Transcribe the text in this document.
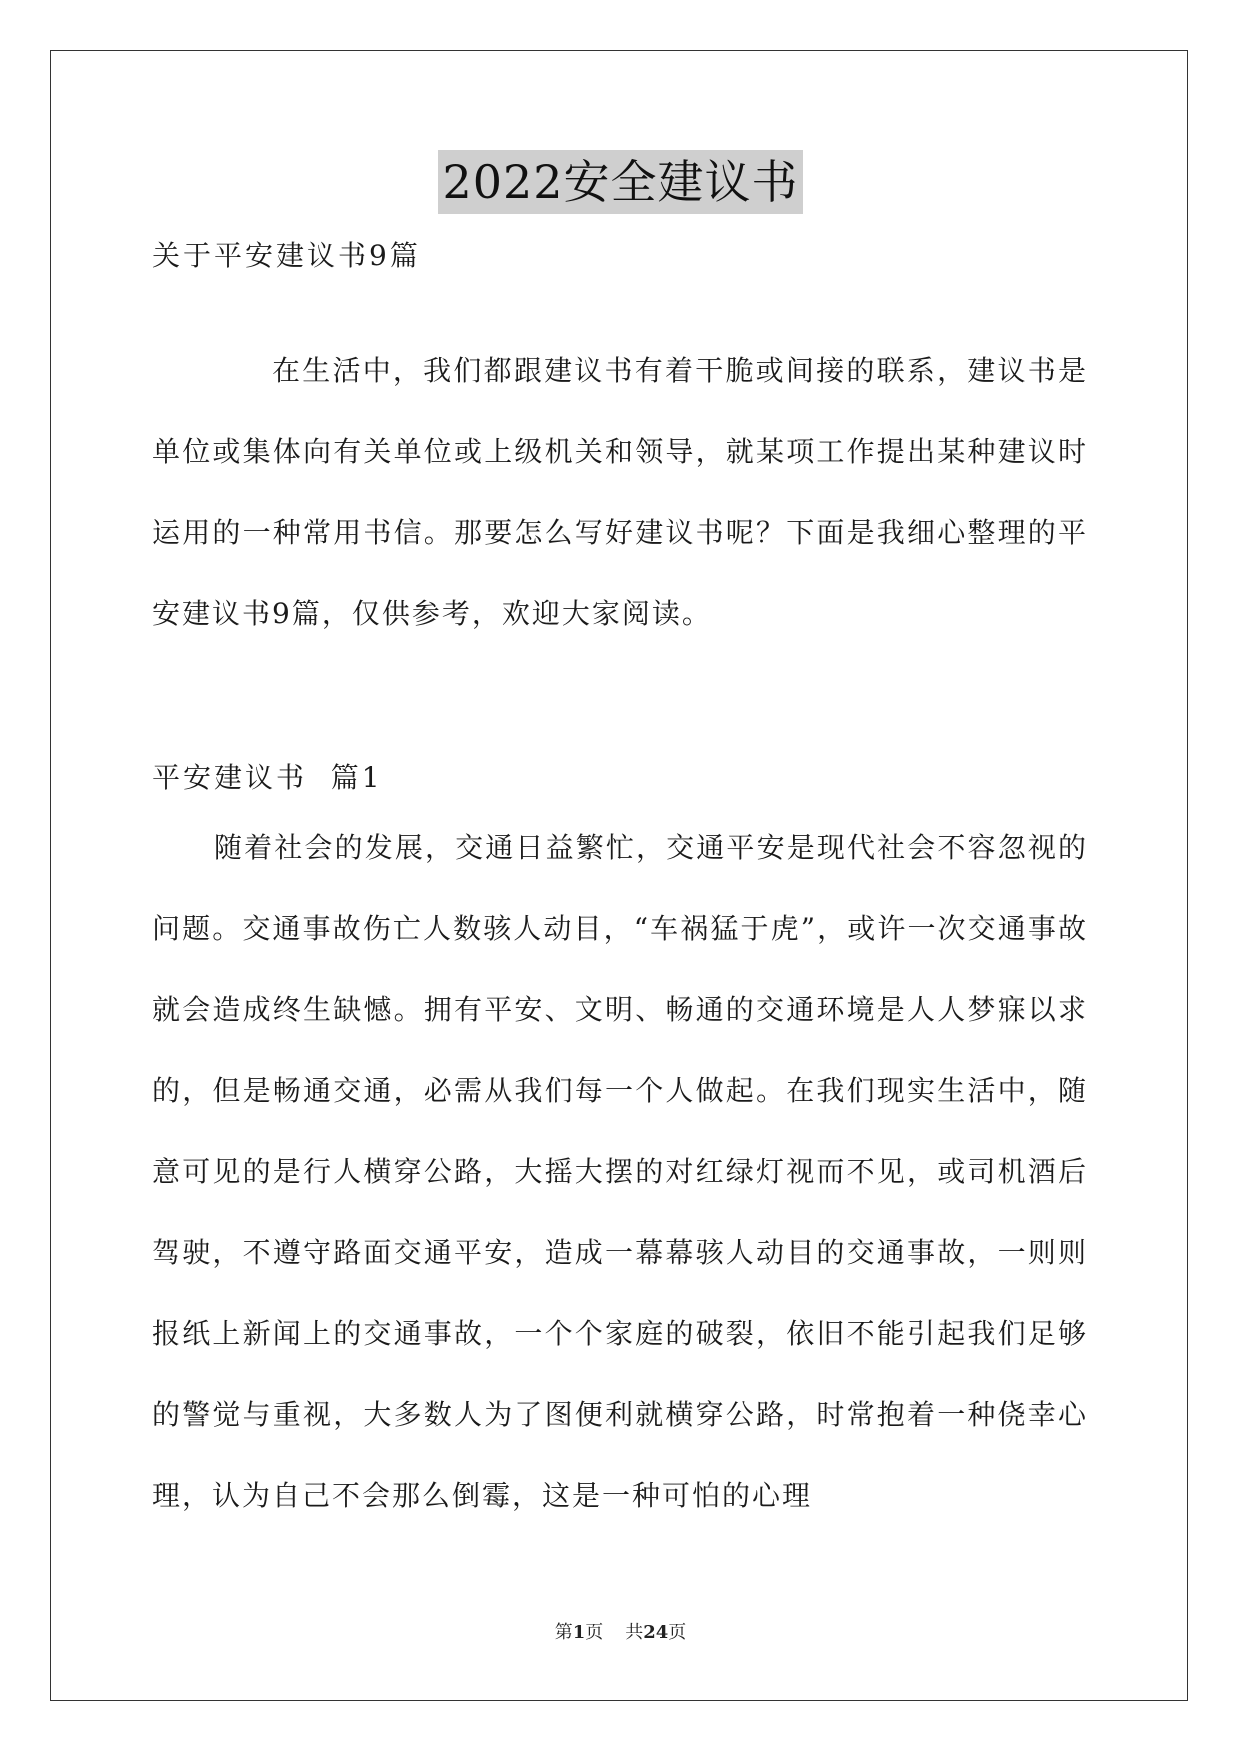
2022安全建议书
关于平安建议书9篇

在生活中，我们都跟建议书有着干脆或间接的联系，建议书是单位或集体向有关单位或上级机关和领导，就某项工作提出某种建议时运用的一种常用书信。那要怎么写好建议书呢？下面是我细心整理的平安建议书9篇，仅供参考，欢迎大家阅读。

平安建议书  篇1

随着社会的发展，交通日益繁忙，交通平安是现代社会不容忽视的问题。交通事故伤亡人数骇人动目，“车祸猛于虎”，或许一次交通事故就会造成终生缺憾。拥有平安、文明、畅通的交通环境是人人梦寐以求的，但是畅通交通，必需从我们每一个人做起。在我们现实生活中，随意可见的是行人横穿公路，大摇大摆的对红绿灯视而不见，或司机酒后驾驶，不遵守路面交通平安，造成一幕幕骇人动目的交通事故，一则则报纸上新闻上的交通事故，一个个家庭的破裂，依旧不能引起我们足够的警觉与重视，大多数人为了图便利就横穿公路，时常抱着一种侥幸心理，认为自己不会那么倒霉，这是一种可怕的心理

第1页 共24页
